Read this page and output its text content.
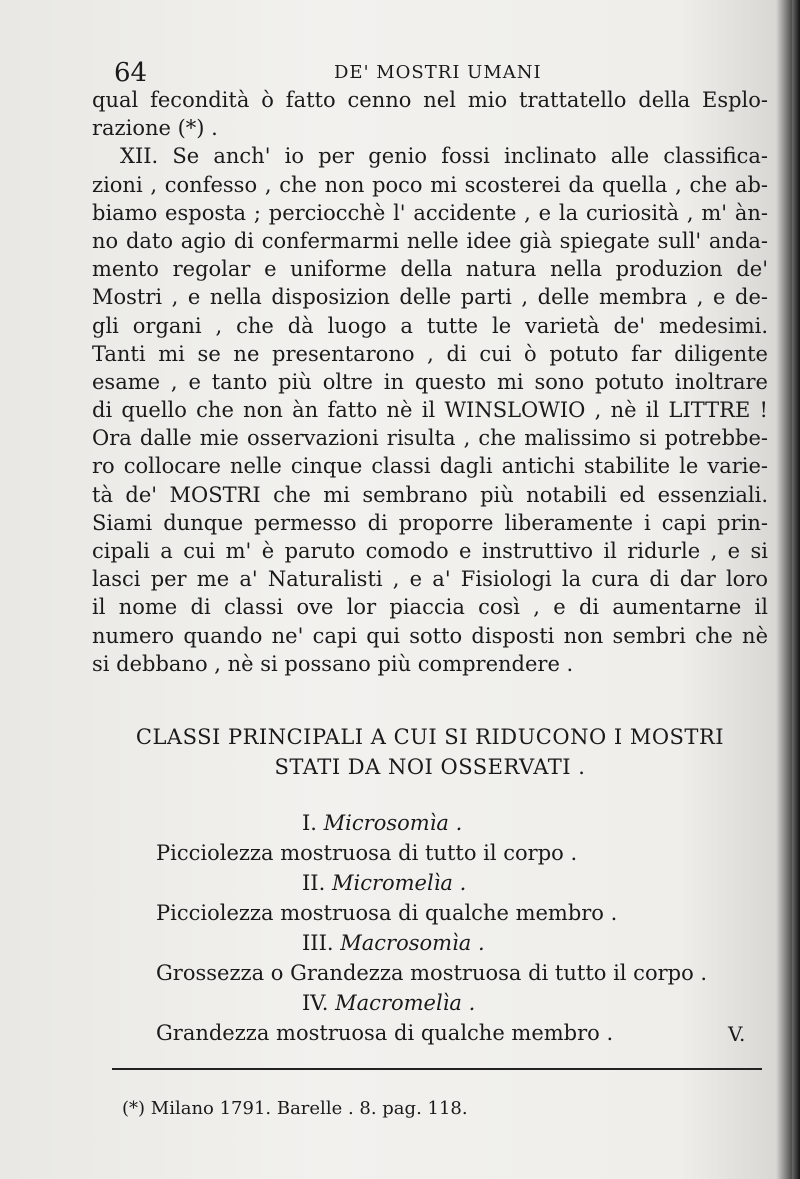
64	DE' MOSTRI UMANI
qual fecondità ò fatto cenno nel mio trattatello della Esplo-
razione (*) .
XII. Se anch' io per genio fossi inclinato alle classifica-
zioni , confesso , che non poco mi scosterei da quella , che ab-
biamo esposta ; perciocchè l' accidente , e la curiosità , m' àn-
no dato agio di confermarmi nelle idee già spiegate sull' anda-
mento regolar e uniforme della natura nella produzion de'
Mostri , e nella disposizion delle parti , delle membra , e de-
gli organi , che dà luogo a tutte le varietà de' medesimi.
Tanti mi se ne presentarono , di cui ò potuto far diligente
esame , e tanto più oltre in questo mi sono potuto inoltrare
di quello che non àn fatto nè il WINSLOWIO , nè il LITTRE !
Ora dalle mie osservazioni risulta , che malissimo si potrebbe-
ro collocare nelle cinque classi dagli antichi stabilite le varie-
tà de' MOSTRI che mi sembrano più notabili ed essenziali.
Siami dunque permesso di proporre liberamente i capi prin-
cipali a cui m' è paruto comodo e instruttivo il ridurle , e si
lasci per me a' Naturalisti , e a' Fisiologi la cura di dar loro
il nome di classi ove lor piaccia così , e di aumentarne il
numero quando ne' capi qui sotto disposti non sembri che nè
si debbano , nè si possano più comprendere .
CLASSI PRINCIPALI A CUI SI RIDUCONO I MOSTRI
STATI DA NOI OSSERVATI .
I. Microsomìa .
Picciolezza mostruosa di tutto il corpo .
II. Micromelìa .
Picciolezza mostruosa di qualche membro .
III. Macrosomìa .
Grossezza o Grandezza mostruosa di tutto il corpo .
IV. Macromelìa .
Grandezza mostruosa di qualche membro .	V.
(*) Milano 1791. Barelle . 8. pag. 118.
